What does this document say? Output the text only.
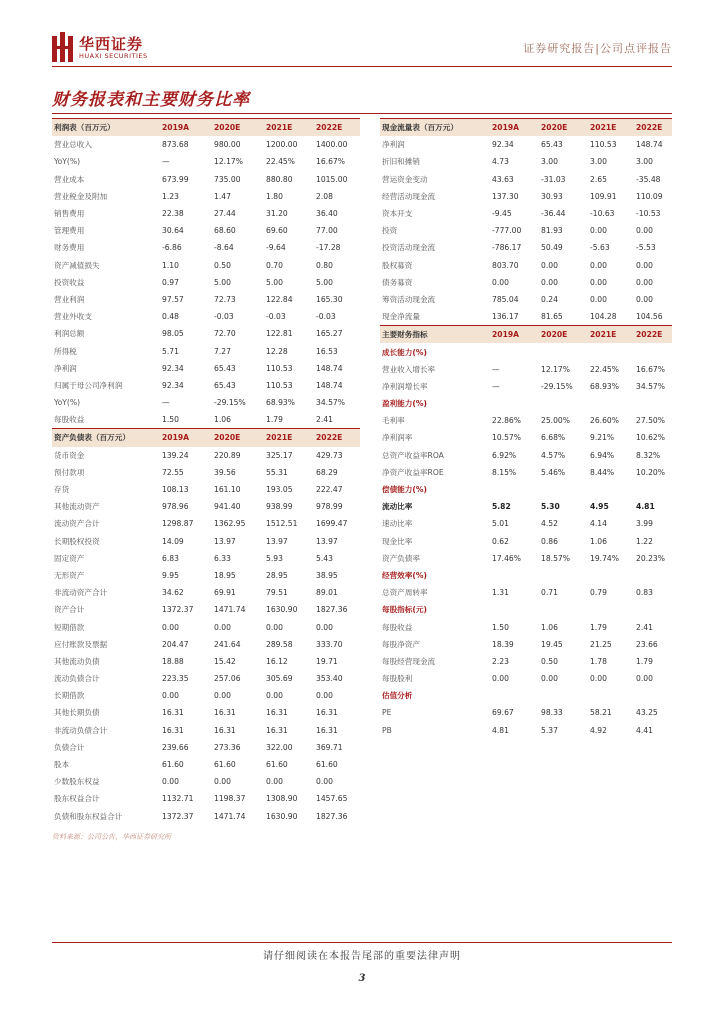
华西证券
HUAXI SECURITIES
证券研究报告|公司点评报告
财务报表和主要财务比率
利润表（百万元）	2019A	2020E	2021E	2022E
营业总收入	873.68	980.00	1200.00	1400.00
YoY(%)	—	12.17%	22.45%	16.67%
营业成本	673.99	735.00	880.80	1015.00
营业税金及附加	1.23	1.47	1.80	2.08
销售费用	22.38	27.44	31.20	36.40
管理费用	30.64	68.60	69.60	77.00
财务费用	-6.86	-8.64	-9.64	-17.28
资产减值损失	1.10	0.50	0.70	0.80
投资收益	0.97	5.00	5.00	5.00
营业利润	97.57	72.73	122.84	165.30
营业外收支	0.48	-0.03	-0.03	-0.03
利润总额	98.05	72.70	122.81	165.27
所得税	5.71	7.27	12.28	16.53
净利润	92.34	65.43	110.53	148.74
归属于母公司净利润	92.34	65.43	110.53	148.74
YoY(%)	—	-29.15%	68.93%	34.57%
每股收益	1.50	1.06	1.79	2.41
资产负债表（百万元）	2019A	2020E	2021E	2022E
货币资金	139.24	220.89	325.17	429.73
预付款项	72.55	39.56	55.31	68.29
存货	108.13	161.10	193.05	222.47
其他流动资产	978.96	941.40	938.99	978.99
流动资产合计	1298.87	1362.95	1512.51	1699.47
长期股权投资	14.09	13.97	13.97	13.97
固定资产	6.83	6.33	5.93	5.43
无形资产	9.95	18.95	28.95	38.95
非流动资产合计	34.62	69.91	79.51	89.01
资产合计	1372.37	1471.74	1630.90	1827.36
短期借款	0.00	0.00	0.00	0.00
应付账款及票据	204.47	241.64	289.58	333.70
其他流动负债	18.88	15.42	16.12	19.71
流动负债合计	223.35	257.06	305.69	353.40
长期借款	0.00	0.00	0.00	0.00
其他长期负债	16.31	16.31	16.31	16.31
非流动负债合计	16.31	16.31	16.31	16.31
负债合计	239.66	273.36	322.00	369.71
股本	61.60	61.60	61.60	61.60
少数股东权益	0.00	0.00	0.00	0.00
股东权益合计	1132.71	1198.37	1308.90	1457.65
负债和股东权益合计	1372.37	1471.74	1630.90	1827.36
现金流量表（百万元）	2019A	2020E	2021E	2022E
净利润	92.34	65.43	110.53	148.74
折旧和摊销	4.73	3.00	3.00	3.00
营运资金变动	43.63	-31.03	2.65	-35.48
经营活动现金流	137.30	30.93	109.91	110.09
资本开支	-9.45	-36.44	-10.63	-10.53
投资	-777.00	81.93	0.00	0.00
投资活动现金流	-786.17	50.49	-5.63	-5.53
股权募资	803.70	0.00	0.00	0.00
债务募资	0.00	0.00	0.00	0.00
筹资活动现金流	785.04	0.24	0.00	0.00
现金净流量	136.17	81.65	104.28	104.56
主要财务指标	2019A	2020E	2021E	2022E
成长能力(%)				
营业收入增长率	—	12.17%	22.45%	16.67%
净利润增长率	—	-29.15%	68.93%	34.57%
盈利能力(%)				
毛利率	22.86%	25.00%	26.60%	27.50%
净利润率	10.57%	6.68%	9.21%	10.62%
总资产收益率ROA	6.92%	4.57%	6.94%	8.32%
净资产收益率ROE	8.15%	5.46%	8.44%	10.20%
偿债能力(%)				
流动比率	5.82	5.30	4.95	4.81
速动比率	5.01	4.52	4.14	3.99
现金比率	0.62	0.86	1.06	1.22
资产负债率	17.46%	18.57%	19.74%	20.23%
经营效率(%)				
总资产周转率	1.31	0.71	0.79	0.83
每股指标(元)				
每股收益	1.50	1.06	1.79	2.41
每股净资产	18.39	19.45	21.25	23.66
每股经营现金流	2.23	0.50	1.78	1.79
每股股利	0.00	0.00	0.00	0.00
估值分析				
PE	69.67	98.33	58.21	43.25
PB	4.81	5.37	4.92	4.41
资料来源：公司公告，华西证券研究所
请仔细阅读在本报告尾部的重要法律声明
3
